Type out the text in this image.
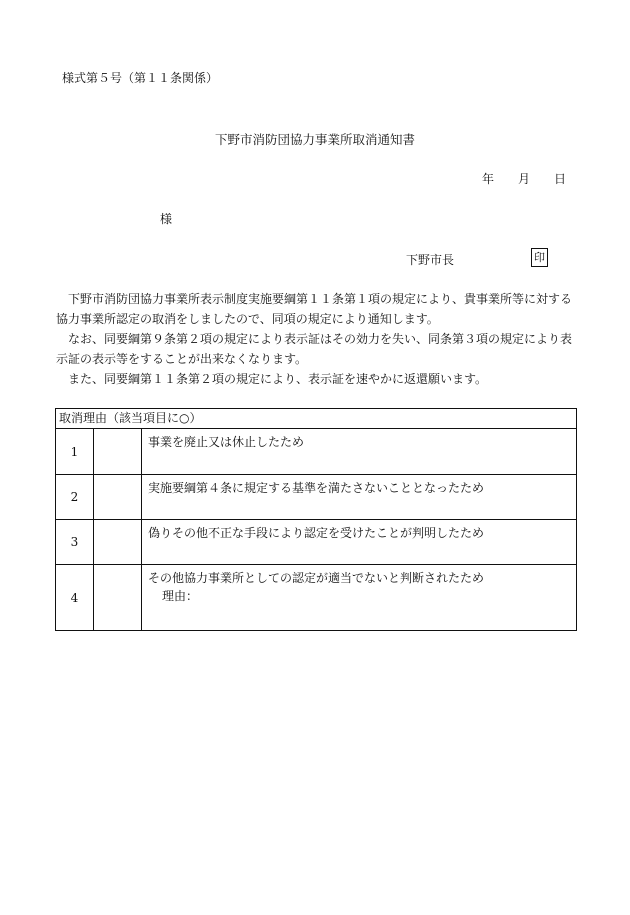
様式第５号（第１１条関係）
下野市消防団協力事業所取消通知書
年 月 日
様
下野市長	印

下野市消防団協力事業所表示制度実施要綱第１１条第１項の規定により、貴事業所等に対する協力事業所認定の取消をしましたので、同項の規定により通知します。

なお、同要綱第９条第２項の規定により表示証はその効力を失い、同条第３項の規定により表示証の表示等をすることが出来なくなります。

また、同要綱第１１条第２項の規定により、表示証を速やかに返還願います。

取消理由（該当項目に○）		
1		事業を廃止又は休止したため
2		実施要綱第４条に規定する基準を満たさないこととなったため
3		偽りその他不正な手段により認定を受けたことが判明したため
4		その他協力事業所としての認定が適当でないと判断されたため
理由：
